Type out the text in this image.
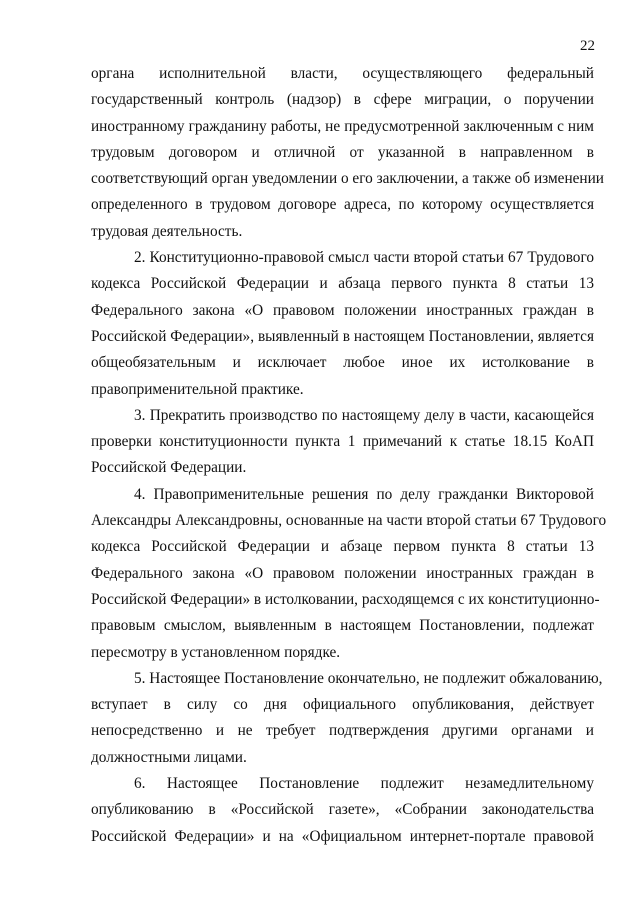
22
органа исполнительной власти, осуществляющего федеральный
государственный контроль (надзор) в сфере миграции, о поручении
иностранному гражданину работы, не предусмотренной заключенным с ним
трудовым договором и отличной от указанной в направленном в
соответствующий орган уведомлении о его заключении, а также об изменении
определенного в трудовом договоре адреса, по которому осуществляется
трудовая деятельность.
2. Конституционно-правовой смысл части второй статьи 67 Трудового
кодекса Российской Федерации и абзаца первого пункта 8 статьи 13
Федерального закона «О правовом положении иностранных граждан в
Российской Федерации», выявленный в настоящем Постановлении, является
общеобязательным и исключает любое иное их истолкование в
правоприменительной практике.
3. Прекратить производство по настоящему делу в части, касающейся
проверки конституционности пункта 1 примечаний к статье 18.15 КоАП
Российской Федерации.
4. Правоприменительные решения по делу гражданки Викторовой
Александры Александровны, основанные на части второй статьи 67 Трудового
кодекса Российской Федерации и абзаце первом пункта 8 статьи 13
Федерального закона «О правовом положении иностранных граждан в
Российской Федерации» в истолковании, расходящемся с их конституционно-
правовым смыслом, выявленным в настоящем Постановлении, подлежат
пересмотру в установленном порядке.
5. Настоящее Постановление окончательно, не подлежит обжалованию,
вступает в силу со дня официального опубликования, действует
непосредственно и не требует подтверждения другими органами и
должностными лицами.
6. Настоящее Постановление подлежит незамедлительному
опубликованию в «Российской газете», «Собрании законодательства
Российской Федерации» и на «Официальном интернет-портале правовой
